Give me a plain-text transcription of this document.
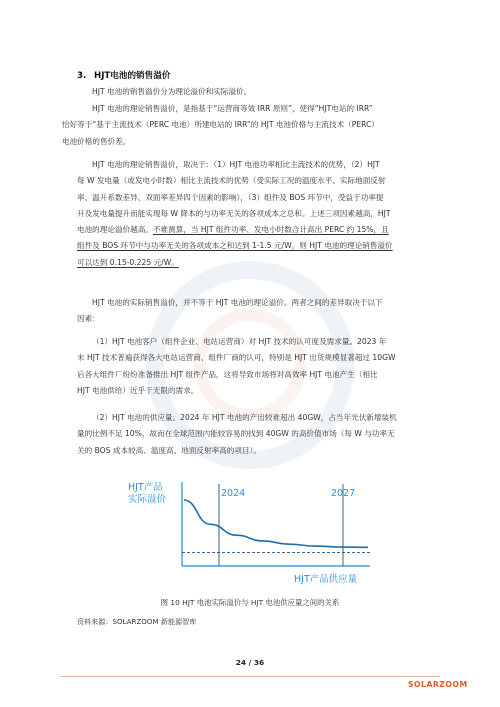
3. HJT电池的销售溢价

HJT 电池的销售溢价分为理论溢价和实际溢价。

HJT 电池的理论销售溢价，是指基于“运营商等效 IRR 原则”，使得“HJT电站的 IRR”
恰好等于“基于主流技术（PERC 电池）所建电站的 IRR”的 HJT 电池价格与主流技术（PERC）
电池价格的售价差。

HJT 电池的理论销售溢价，取决于：（1）HJT 电池功率相比主流技术的优势，（2）HJT
每 W 发电量（或发电小时数）相比主流技术的优势（受实际工况的温度水平、实际地面反射
率、温升系数差异、双面率差异四个因素的影响），（3）组件及 BOS 环节中，受益于功率提
升及发电量提升而能实现每 W 降本的与功率无关的各项成本之总和。上述三项因素越高，HJT
电池的理论溢价越高。不难测算，当 HJT 组件功率、发电小时数合计高出 PERC 约 15%，且
组件及 BOS 环节中与功率无关的各项成本之和达到 1-1.5 元/W，则 HJT 电池的理论销售溢价
可以达到 0.15-0.225 元/W。

HJT 电池的实际销售溢价，并不等于 HJT 电池的理论溢价。两者之间的差异取决于以下
因素：

（1）HJT 电池客户（组件企业、电站运营商）对 HJT 技术的认可度及需求量。2023 年
末 HJT 技术普遍获得各大电站运营商、组件厂商的认可，特别是 HJT 出货规模显著超过 10GW
后各大组件厂纷纷准备推出 HJT 组件产品，这将导致市场将对高效率 HJT 电池产生（相比
HJT 电池供给）近乎于无限的需求。

（2）HJT 电池的供应量。2024 年 HJT 电池的产出较难超出 40GW，占当年光伏新增装机
量的比例不足 10%，故而在全球范围内能较容易的找到 40GW 的高价值市场（每 W 与功率无
关的 BOS 成本较高、温度高、地面反射率高的项目）。

HJT产品 实际溢价
2024	2027
HJT产品供应量
图 10 HJT 电池实际溢价与 HJT 电池供应量之间的关系
资料来源：SOLARZOOM 新能源智库
24 / 36
SOLARZOOM
